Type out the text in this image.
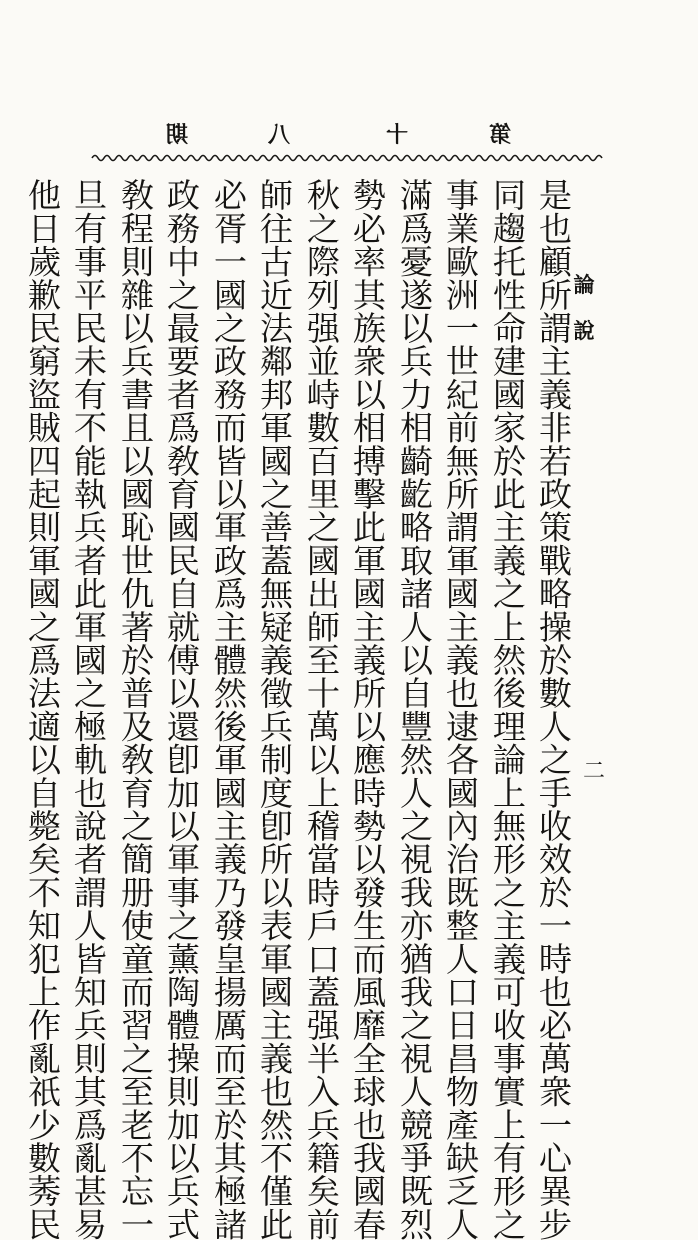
期	八	十	第
論
說
二
是也顧所謂主義非若政策戰略操於數人之手收效於一時也必萬衆一心異步
同趨托性命建國家於此主義之上然後理論上無形之主義可收事實上有形之
事業歐洲一世紀前無所謂軍國主義也逮各國內治既整人口日昌物產缺乏人
滿爲憂遂以兵力相齮齕略取諸人以自豐然人之視我亦猶我之視人競爭既烈
勢必率其族衆以相搏擊此軍國主義所以應時勢以發生而風靡全球也我國春
秋之際列强並峙數百里之國出師至十萬以上稽當時戶口蓋强半入兵籍矣前
師往古近法鄰邦軍國之善蓋無疑義徵兵制度卽所以表軍國主義也然不僅此
必胥一國之政務而皆以軍政爲主體然後軍國主義乃發皇揚厲而至於其極諸
政務中之最要者爲敎育國民自就傅以還卽加以軍事之薰陶體操則加以兵式
敎程則雜以兵書且以國恥世仇著於普及敎育之簡册使童而習之至老不忘一
旦有事平民未有不能執兵者此軍國之極軌也說者謂人皆知兵則其爲亂甚易
他日歲歉民窮盜賊四起則軍國之爲法適以自斃矣不知犯上作亂祇少數莠民
